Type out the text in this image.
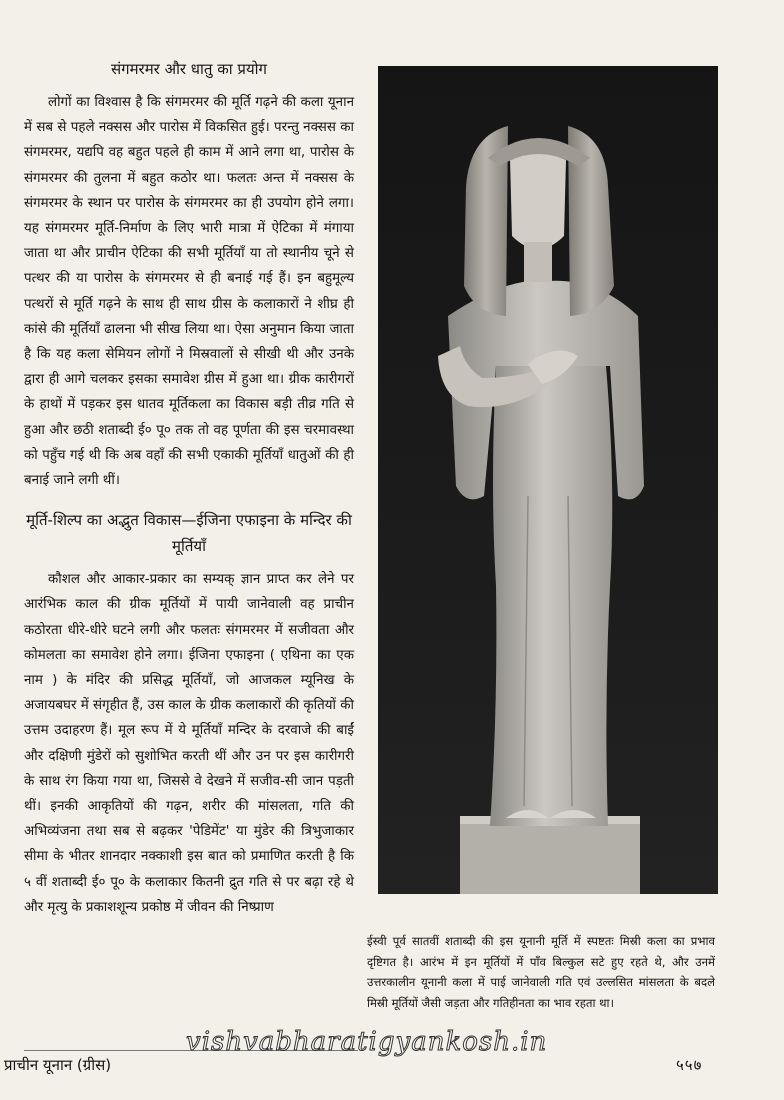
संगमरमर और धातु का प्रयोग

लोगों का विश्वास है कि संगमरमर की मूर्ति गढ़ने की कला यूनान में सब से पहले नक्सस और पारोस में विकसित हुई। परन्तु नक्सस का संगमरमर, यद्यपि वह बहुत पहले ही काम में आने लगा था, पारोस के संगमरमर की तुलना में बहुत कठोर था। फलतः अन्त में नक्सस के संगमरमर के स्थान पर पारोस के संगमरमर का ही उपयोग होने लगा। यह संगमरमर मूर्ति-निर्माण के लिए भारी मात्रा में ऐटिका में मंगाया जाता था और प्राचीन ऐटिका की सभी मूर्तियाँ या तो स्थानीय चूने से पत्थर की या पारोस के संगमरमर से ही बनाई गई हैं। इन बहुमूल्य पत्थरों से मूर्ति गढ़ने के साथ ही साथ ग्रीस के कलाकारों ने शीघ्र ही कांसे की मूर्तियाँ ढालना भी सीख लिया था। ऐसा अनुमान किया जाता है कि यह कला सेमियन लोगों ने मिस्रवालों से सीखी थी और उनके द्वारा ही आगे चलकर इसका समावेश ग्रीस में हुआ था। ग्रीक कारीगरों के हाथों में पड़कर इस धातव मूर्तिकला का विकास बड़ी तीव्र गति से हुआ और छठी शताब्दी ई० पू० तक तो वह पूर्णता की इस चरमावस्था को पहुँच गई थी कि अब वहाँ की सभी एकाकी मूर्तियाँ धातुओं की ही बनाई जाने लगी थीं।

मूर्ति-शिल्प का अद्भुत विकास—ईजिना एफाइना के मन्दिर की मूर्तियाँ

कौशल और आकार-प्रकार का सम्यक् ज्ञान प्राप्त कर लेने पर आरंभिक काल की ग्रीक मूर्तियों में पायी जानेवाली वह प्राचीन कठोरता धीरे-धीरे घटने लगी और फलतः संगमरमर में सजीवता और कोमलता का समावेश होने लगा। ईजिना एफाइना ( एथिना का एक नाम ) के मंदिर की प्रसिद्ध मूर्तियाँ, जो आजकल म्यूनिख के अजायबघर में संगृहीत हैं, उस काल के ग्रीक कलाकारों की कृतियों की उत्तम उदाहरण हैं। मूल रूप में ये मूर्तियाँ मन्दिर के दरवाजे की बाईं और दक्षिणी मुंडेरों को सुशोभित करती थीं और उन पर इस कारीगरी के साथ रंग किया गया था, जिससे वे देखने में सजीव-सी जान पड़ती थीं। इनकी आकृतियों की गढ़न, शरीर की मांसलता, गति की अभिव्यंजना तथा सब से बढ़कर 'पेडिमेंट' या मुंडेर की त्रिभुजाकार सीमा के भीतर शानदार नक्काशी इस बात को प्रमाणित करती है कि ५ वीं शताब्दी ई० पू० के कलाकार कितनी द्रुत गति से पर बढ़ा रहे थे और मृत्यु के प्रकाशशून्य प्रकोष्ठ में जीवन की निष्प्राण

ईस्वी पूर्व सातवीं शताब्दी की इस यूनानी मूर्ति में स्पष्टतः मिस्री कला का प्रभाव दृष्टिगत है। आरंभ में इन मूर्तियों में पाँव बिल्कुल सटे हुए रहते थे, और उनमें उत्तरकालीन यूनानी कला में पाई जानेवाली गति एवं उल्लसित मांसलता के बदले मिस्री मूर्तियों जैसी जड़ता और गतिहीनता का भाव रहता था।

vishvabharatigyankosh.in
प्राचीन यूनान (ग्रीस)	५५७
